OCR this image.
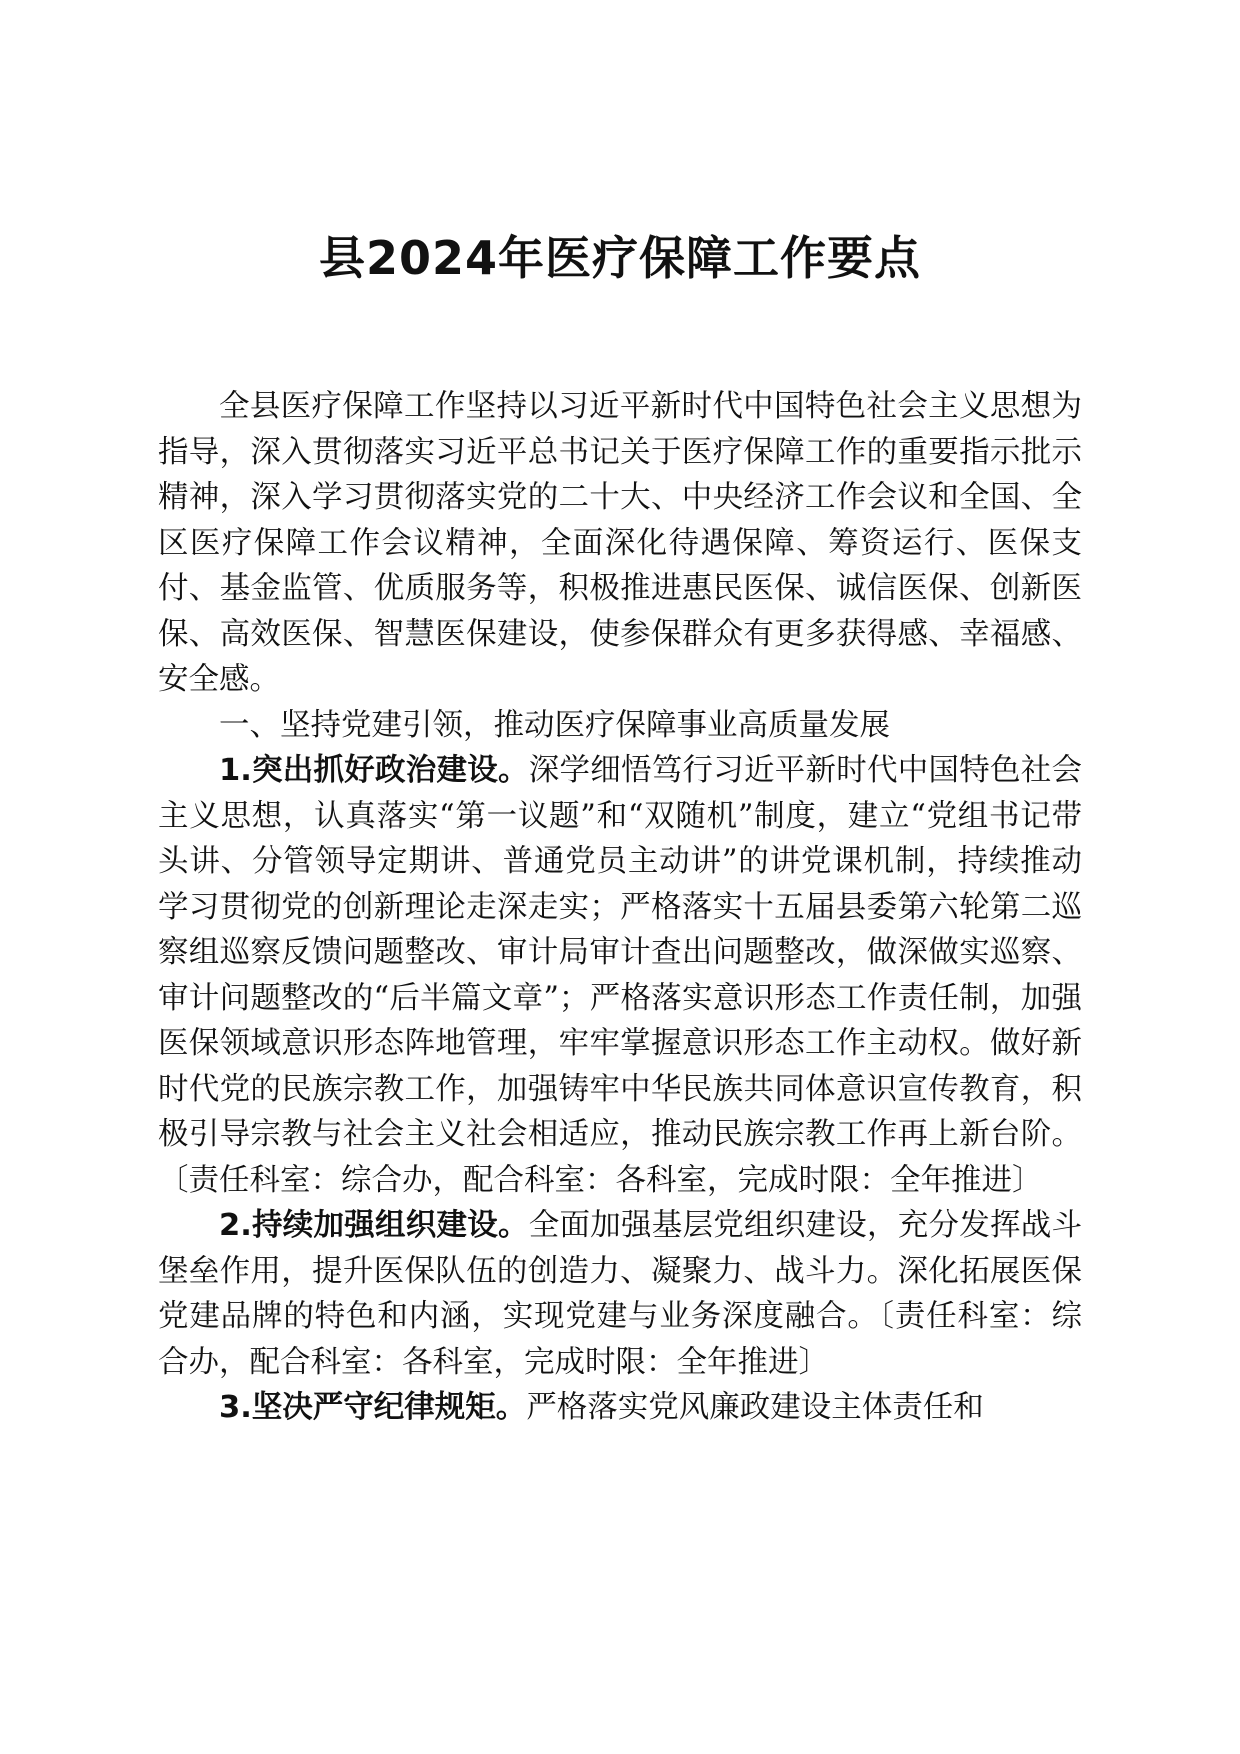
县2024年医疗保障工作要点

全县医疗保障工作坚持以习近平新时代中国特色社会主义思想为指导，深入贯彻落实习近平总书记关于医疗保障工作的重要指示批示精神，深入学习贯彻落实党的二十大、中央经济工作会议和全国、全区医疗保障工作会议精神，全面深化待遇保障、筹资运行、医保支付、基金监管、优质服务等，积极推进惠民医保、诚信医保、创新医保、高效医保、智慧医保建设，使参保群众有更多获得感、幸福感、安全感。

一、坚持党建引领，推动医疗保障事业高质量发展

1.突出抓好政治建设。深学细悟笃行习近平新时代中国特色社会主义思想，认真落实“第一议题”和“双随机”制度，建立“党组书记带头讲、分管领导定期讲、普通党员主动讲”的讲党课机制，持续推动学习贯彻党的创新理论走深走实；严格落实十五届县委第六轮第二巡察组巡察反馈问题整改、审计局审计查出问题整改，做深做实巡察、审计问题整改的“后半篇文章”；严格落实意识形态工作责任制，加强医保领域意识形态阵地管理，牢牢掌握意识形态工作主动权。做好新时代党的民族宗教工作，加强铸牢中华民族共同体意识宣传教育，积极引导宗教与社会主义社会相适应，推动民族宗教工作再上新台阶。〔责任科室：综合办，配合科室：各科室，完成时限：全年推进〕

2.持续加强组织建设。全面加强基层党组织建设，充分发挥战斗堡垒作用，提升医保队伍的创造力、凝聚力、战斗力。深化拓展医保党建品牌的特色和内涵，实现党建与业务深度融合。〔责任科室：综合办，配合科室：各科室，完成时限：全年推进〕

3.坚决严守纪律规矩。严格落实党风廉政建设主体责任和
